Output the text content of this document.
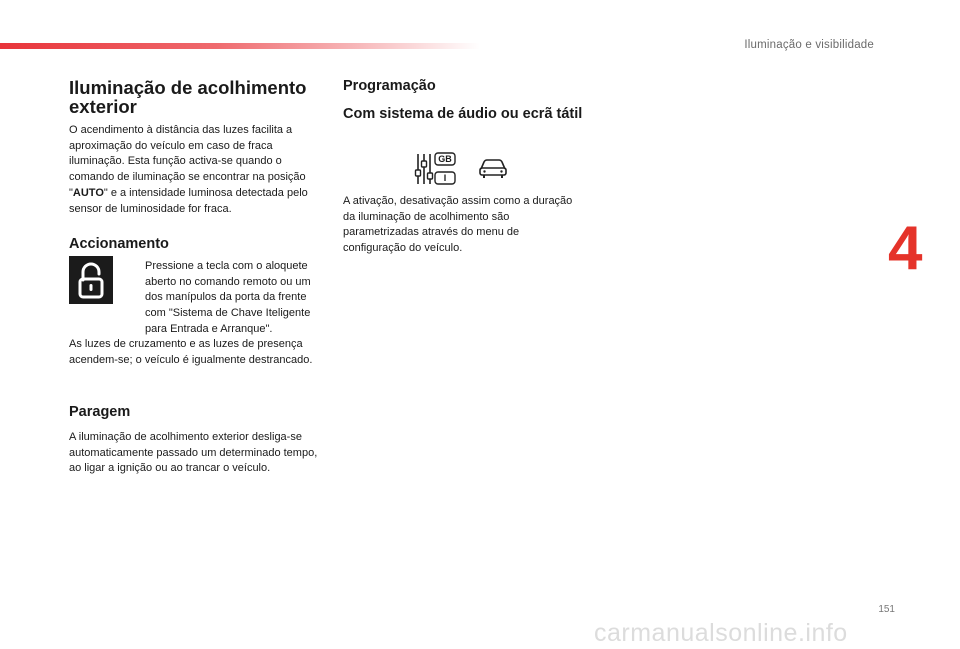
Iluminação e visibilidade
4
Iluminação de acolhimento exterior

O acendimento à distância das luzes facilita a aproximação do veículo em caso de fraca iluminação. Esta função activa-se quando o comando de iluminação se encontrar na posição "AUTO" e a intensidade luminosa detectada pelo sensor de luminosidade for fraca.

Accionamento

Pressione a tecla com o aloquete aberto no comando remoto ou um dos manípulos da porta da frente com "Sistema de Chave Iteligente para Entrada e Arranque".

As luzes de cruzamento e as luzes de presença acendem-se; o veículo é igualmente destrancado.

Paragem

A iluminação de acolhimento exterior desliga-se automaticamente passado um determinado tempo, ao ligar a ignição ou ao trancar o veículo.

Programação
Com sistema de áudio ou ecrã tátil
GB
I

A ativação, desativação assim como a duração da iluminação de acolhimento são parametrizadas através do menu de configuração do veículo.

151
carmanualsonline.info
